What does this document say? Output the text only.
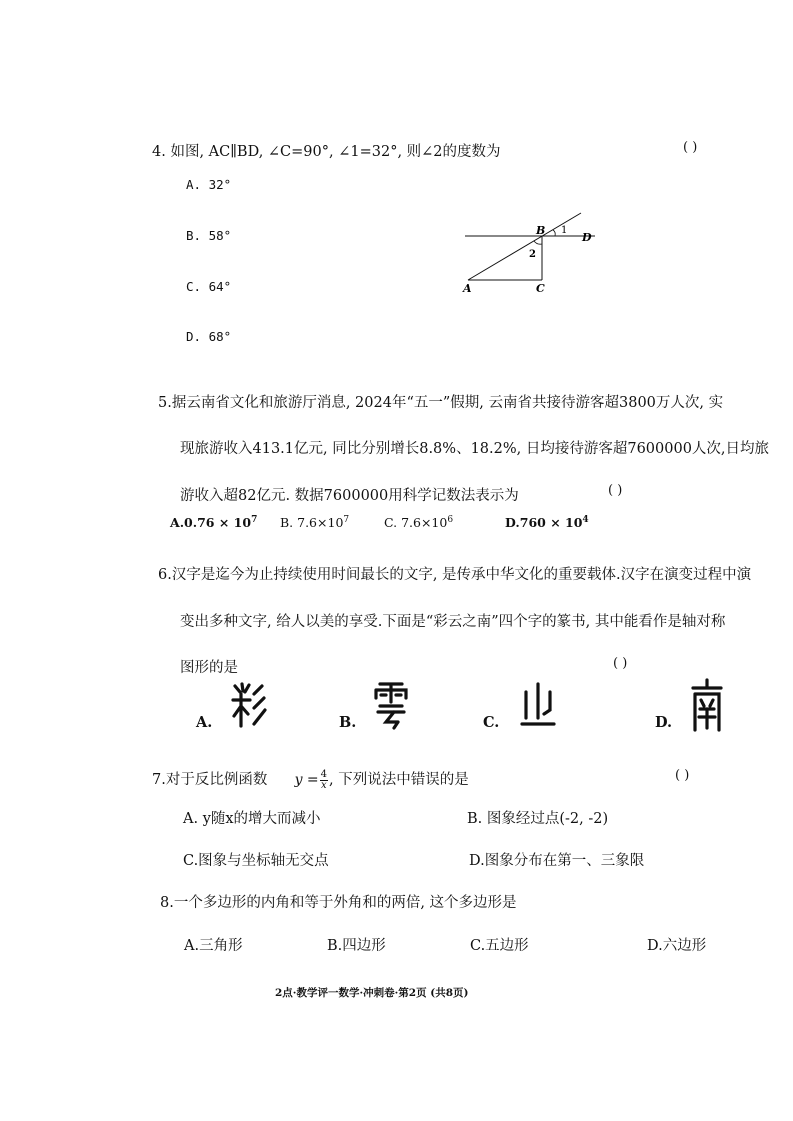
4. 如图, AC∥BD, ∠C=90°, ∠1=32°, 则∠2的度数为	( )
A. 32°
B. 58°
C. 64°
D. 68°
A
B
C
D
1
2
5.据云南省文化和旅游厅消息, 2024年“五一”假期, 云南省共接待游客超3800万人次, 实
现旅游收入413.1亿元, 同比分别增长8.8%、18.2%, 日均接待游客超7600000人次,日均旅
游收入超82亿元. 数据7600000用科学记数法表示为	( )
$A.0.76 \times 10^7$ B. $7.6\times 10^7$	C. $7.6\times 10^6$	$D.760 \times 10^4$
6.汉字是迄今为止持续使用时间最长的文字, 是传承中华文化的重要载体.汉字在演变过程中演
变出多种文字, 给人以美的享受.下面是“彩云之南”四个字的篆书, 其中能看作是轴对称
图形的是	( )
A.	B.	C.	D.
7.对于反比例函数 $y = \frac{4}{x}$ , 下列说法中错误的是	( )
A. y随x的增大而减小	B. 图象经过点(-2, -2)
C.图象与坐标轴无交点	D.图象分布在第一、三象限
8.一个多边形的内角和等于外角和的两倍, 这个多边形是
A.三角形	B.四边形	C.五边形	D.六边形
2点·教学评一数学·冲刺卷·第2页 (共8页)
